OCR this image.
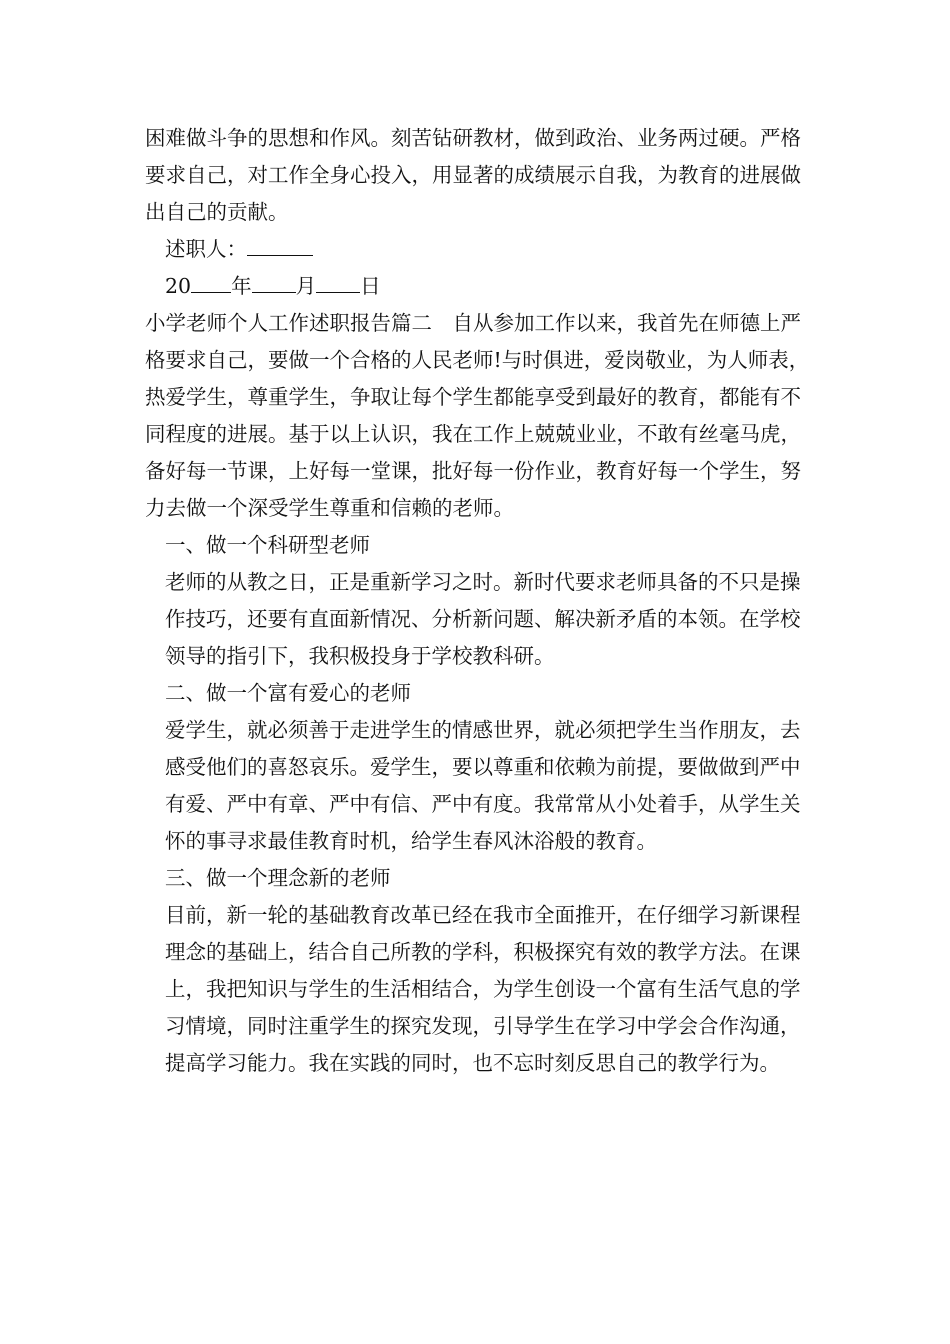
困难做斗争的思想和作风。刻苦钻研教材，做到政治、业务两过硬。严格要求自己，对工作全身心投入，用显著的成绩展示自我，为教育的进展做出自己的贡献。

述职人：

20 年 月 日

小学老师个人工作述职报告篇二　自从参加工作以来，我首先在师德上严格要求自己，要做一个合格的人民老师!与时俱进，爱岗敬业，为人师表，热爱学生，尊重学生，争取让每个学生都能享受到最好的教育，都能有不同程度的进展。基于以上认识，我在工作上兢兢业业，不敢有丝毫马虎，备好每一节课，上好每一堂课，批好每一份作业，教育好每一个学生，努力去做一个深受学生尊重和信赖的老师。

一、做一个科研型老师

老师的从教之日，正是重新学习之时。新时代要求老师具备的不只是操作技巧，还要有直面新情况、分析新问题、解决新矛盾的本领。在学校领导的指引下，我积极投身于学校教科研。

二、做一个富有爱心的老师

爱学生，就必须善于走进学生的情感世界，就必须把学生当作朋友，去感受他们的喜怒哀乐。爱学生，要以尊重和依赖为前提，要做做到严中有爱、严中有章、严中有信、严中有度。我常常从小处着手，从学生关怀的事寻求最佳教育时机，给学生春风沐浴般的教育。

三、做一个理念新的老师

目前，新一轮的基础教育改革已经在我市全面推开，在仔细学习新课程理念的基础上，结合自己所教的学科，积极探究有效的教学方法。在课上，我把知识与学生的生活相结合，为学生创设一个富有生活气息的学习情境，同时注重学生的探究发现，引导学生在学习中学会合作沟通，提高学习能力。我在实践的同时，也不忘时刻反思自己的教学行为。
